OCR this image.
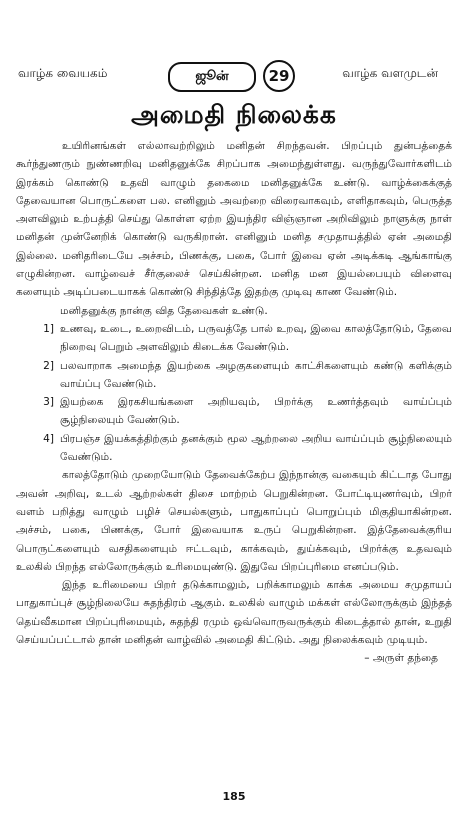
வாழ்க வையகம்	ஜூன்	29	வாழ்க வளமுடன்
அமைதி நிலைக்க

உயிரினங்கள் எல்லாவற்றிலும் மனிதன் சிறந்தவன். பிறப்பும் துன்பத்தைக் கூர்ந்துணரும் நுண்ணறிவு மனிதனுக்கே சிறப்பாக அமைந்துள்ளது. வருந்துவோர்களிடம் இரக்கம் கொண்டு உதவி வாழும் தகைமை மனிதனுக்கே உண்டு. வாழ்க்கைக்குத் தேவையான பொருட்களை பல. எனினும் அவற்றை விரைவாகவும், எளிதாகவும், பெருத்த அளவிலும் உற்பத்தி செய்து கொள்ள ஏற்ற இயந்திர விஞ்ஞான அறிவிலும் நாளுக்கு நாள் மனிதன் முன்னேறிக் கொண்டு வருகிறான். எனினும் மனித சமுதாயத்தில் ஏன் அமைதி இல்லை. மனிதரிடையே அச்சம், பிணக்கு, பகை, போர் இவை ஏன் அடிக்கடி ஆங்காங்கு எழுகின்றன. வாழ்வைச் சீர்குலைச் செய்கின்றன. மனித மன இயல்பையும் விளைவு களையும் அடிப்படையாகக் கொண்டு சிந்தித்தே இதற்கு முடிவு காண வேண்டும்.

மனிதனுக்கு நான்கு வித தேவைகள் உண்டு.

1] உணவு, உடை, உறைவிடம், பருவத்தே பால் உறவு, இவை காலத்தோடும், தேவை நிறைவு பெறும் அளவிலும் கிடைக்க வேண்டும்.
2] பலவாறாக அமைந்த இயற்கை அழகுகளையும் காட்சிகளையும் கண்டு களிக்கும் வாய்ப்பு வேண்டும்.
3] இயற்கை இரகசியங்களை அறியவும், பிறர்க்கு உணர்த்தவும் வாய்ப்பும் சூழ்நிலையும் வேண்டும்.
4] பிரபஞ்ச இயக்கத்திற்கும் தனக்கும் மூல ஆற்றலை அறிய வாய்ப்பும் சூழ்நிலையும் வேண்டும்.

காலத்தோடும் முறையோடும் தேவைக்கேற்ப இந்நான்கு வகையும் கிட்டாத போது அவன் அறிவு, உடல் ஆற்றல்கள் திசை மாற்றம் பெறுகின்றன. போட்டியுணர்வும், பிறர் வளம் பறித்து வாழும் பழிச் செயல்களும், பாதுகாப்புப் பொறுப்பும் மிகுதியாகின்றன. அச்சம், பகை, பிணக்கு, போர் இவையாக உருப் பெறுகின்றன. இத்தேவைக்குரிய பொருட்களையும் வசதிகளையும் ஈட்டவும், காக்கவும், துய்க்கவும், பிறர்க்கு உதவவும் உலகில் பிறந்த எல்லோருக்கும் உரிமையுண்டு. இதுவே பிறப்புரிமை எனப்படும்.

இந்த உரிமையை பிறர் தடுக்காமலும், பறிக்காமலும் காக்க அமைய சமுதாயப் பாதுகாப்புச் சூழ்நிலையே சுதந்திரம் ஆகும். உலகில் வாழும் மக்கள் எல்லோருக்கும் இந்தத் தெய்வீகமான பிறப்புரிமையும், சுதந்தி ரமும் ஒவ்வொருவருக்கும் கிடைத்தால் தான், உறுதி செய்யப்பட்டால் தான் மனிதன் வாழ்வில் அமைதி கிட்டும். அது நிலைக்கவும் முடியும்.

– அருள் தந்தை

185
